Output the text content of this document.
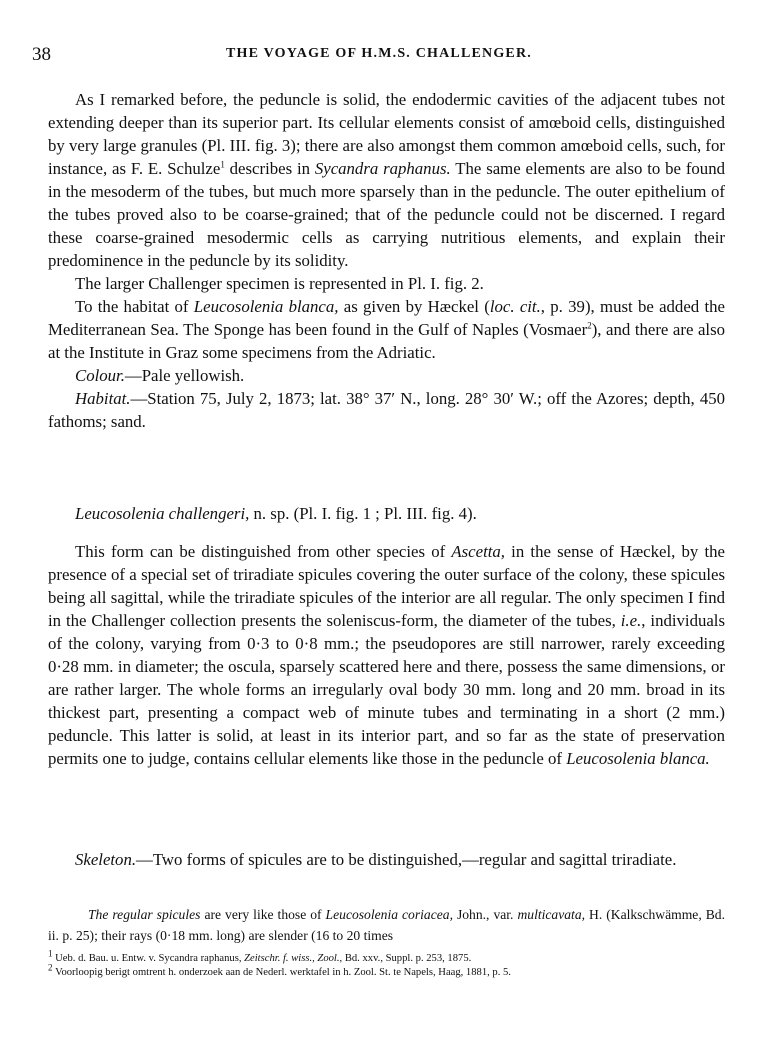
38	THE VOYAGE OF H.M.S. CHALLENGER.

As I remarked before, the peduncle is solid, the endodermic cavities of the adjacent tubes not extending deeper than its superior part. Its cellular elements consist of amœboid cells, distinguished by very large granules (Pl. III. fig. 3); there are also amongst them common amœboid cells, such, for instance, as F. E. Schulze$^1$ describes in Sycandra raphanus. The same elements are also to be found in the mesoderm of the tubes, but much more sparsely than in the peduncle. The outer epithelium of the tubes proved also to be coarse-grained; that of the peduncle could not be discerned. I regard these coarse-grained mesodermic cells as carrying nutritious elements, and explain their predominence in the peduncle by its solidity.

The larger Challenger specimen is represented in Pl. I. fig. 2.

To the habitat of Leucosolenia blanca, as given by Hæckel (loc. cit., p. 39), must be added the Mediterranean Sea. The Sponge has been found in the Gulf of Naples (Vosmaer$^2$), and there are also at the Institute in Graz some specimens from the Adriatic.

Colour.—Pale yellowish.

Habitat.—Station 75, July 2, 1873; lat. 38° 37′ N., long. 28° 30′ W.; off the Azores; depth, 450 fathoms; sand.

Leucosolenia challengeri, n. sp. (Pl. I. fig. 1 ; Pl. III. fig. 4).

This form can be distinguished from other species of Ascetta, in the sense of Hæckel, by the presence of a special set of triradiate spicules covering the outer surface of the colony, these spicules being all sagittal, while the triradiate spicules of the interior are all regular. The only specimen I find in the Challenger collection presents the soleniscus-form, the diameter of the tubes, i.e., individuals of the colony, varying from 0·3 to 0·8 mm.; the pseudopores are still narrower, rarely exceeding 0·28 mm. in diameter; the oscula, sparsely scattered here and there, possess the same dimensions, or are rather larger. The whole forms an irregularly oval body 30 mm. long and 20 mm. broad in its thickest part, presenting a compact web of minute tubes and terminating in a short (2 mm.) peduncle. This latter is solid, at least in its interior part, and so far as the state of preservation permits one to judge, contains cellular elements like those in the peduncle of Leucosolenia blanca.

Skeleton.—Two forms of spicules are to be distinguished,—regular and sagittal triradiate.

The regular spicules are very like those of Leucosolenia coriacea, John., var. multicavata, H. (Kalkschwämme, Bd. ii. p. 25); their rays (0·18 mm. long) are slender (16 to 20 times

$^1$ Ueb. d. Bau. u. Entw. v. Sycandra raphanus, Zeitschr. f. wiss., Zool., Bd. xxv., Suppl. p. 253, 1875.

$^2$ Voorloopig berigt omtrent h. onderzoek aan de Nederl. werktafel in h. Zool. St. te Napels, Haag, 1881, p. 5.
